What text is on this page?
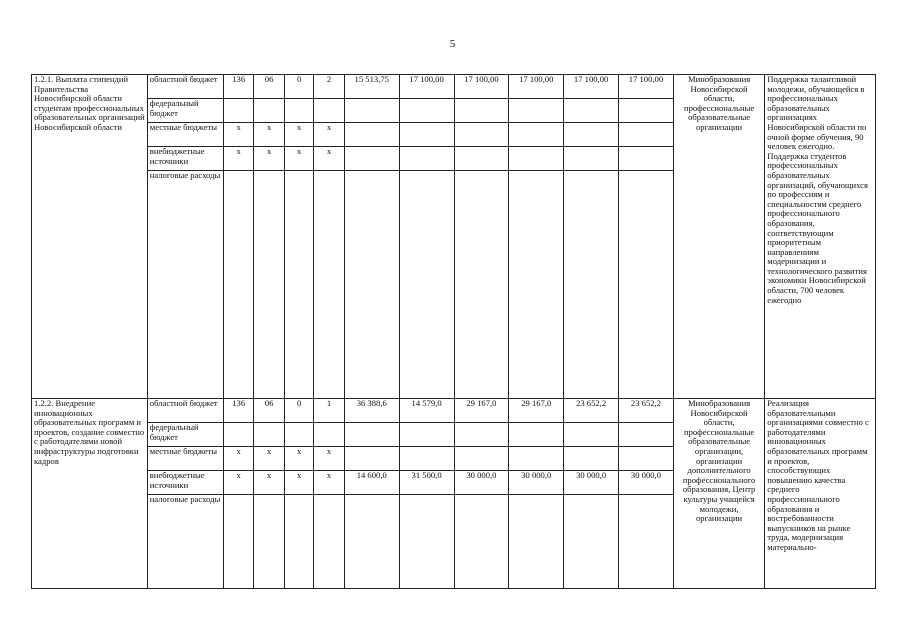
5
1.2.1. Выплата стипендий Правительства Новосибирской области студентам профессиональных образовательных организаций Новосибирской области	областной бюджет	136	06	0	2	15 513,75	17 100,00	17 100,00	17 100,00	17 100,00	17 100,00	Минобразования Новосибирской области, профессиональные образовательные организации	Поддержка талантливой молодежи, обучающейся в профессиональных образовательных организациях Новосибирской области по очной форме обучения, 90 человек ежегодно. Поддержка студентов профессиональных образовательных организаций, обучающихся по профессиям и специальностям среднего профессионального образования, соответствующим приоритетным направлениям модернизации и технологического развития экономики Новосибирской области, 700 человек ежегодно
	федеральный бюджет												
	местные бюджеты	x	x	x	x								
	внебюджетные источники	x	x	x	x								
	налоговые расходы												
1.2.2. Внедрение инновационных образовательных программ и проектов, создание совместно с работодателями новой инфраструктуры подготовки кадров	областной бюджет	136	06	0	1	36 388,6	14 579,0	29 167,0	29 167,0	23 652,2	23 652,2	Минобразования Новосибирской области, профессиональные образовательные организации, организации дополнительного профессионального образования, Центр культуры учащейся молодежи, организации	Реализация образовательными организациями совместно с работодателями инновационных образовательных программ и проектов, способствующих повышению качества среднего профессионального образования и востребованности выпускников на рынке труда, модернизация материально-
	федеральный бюджет												
	местные бюджеты	x	x	x	x								
	внебюджетные источники	x	x	x	x	14 600,0	31 500,0	30 000,0	30 000,0	30 000,0	30 000,0		
	налоговые расходы												
